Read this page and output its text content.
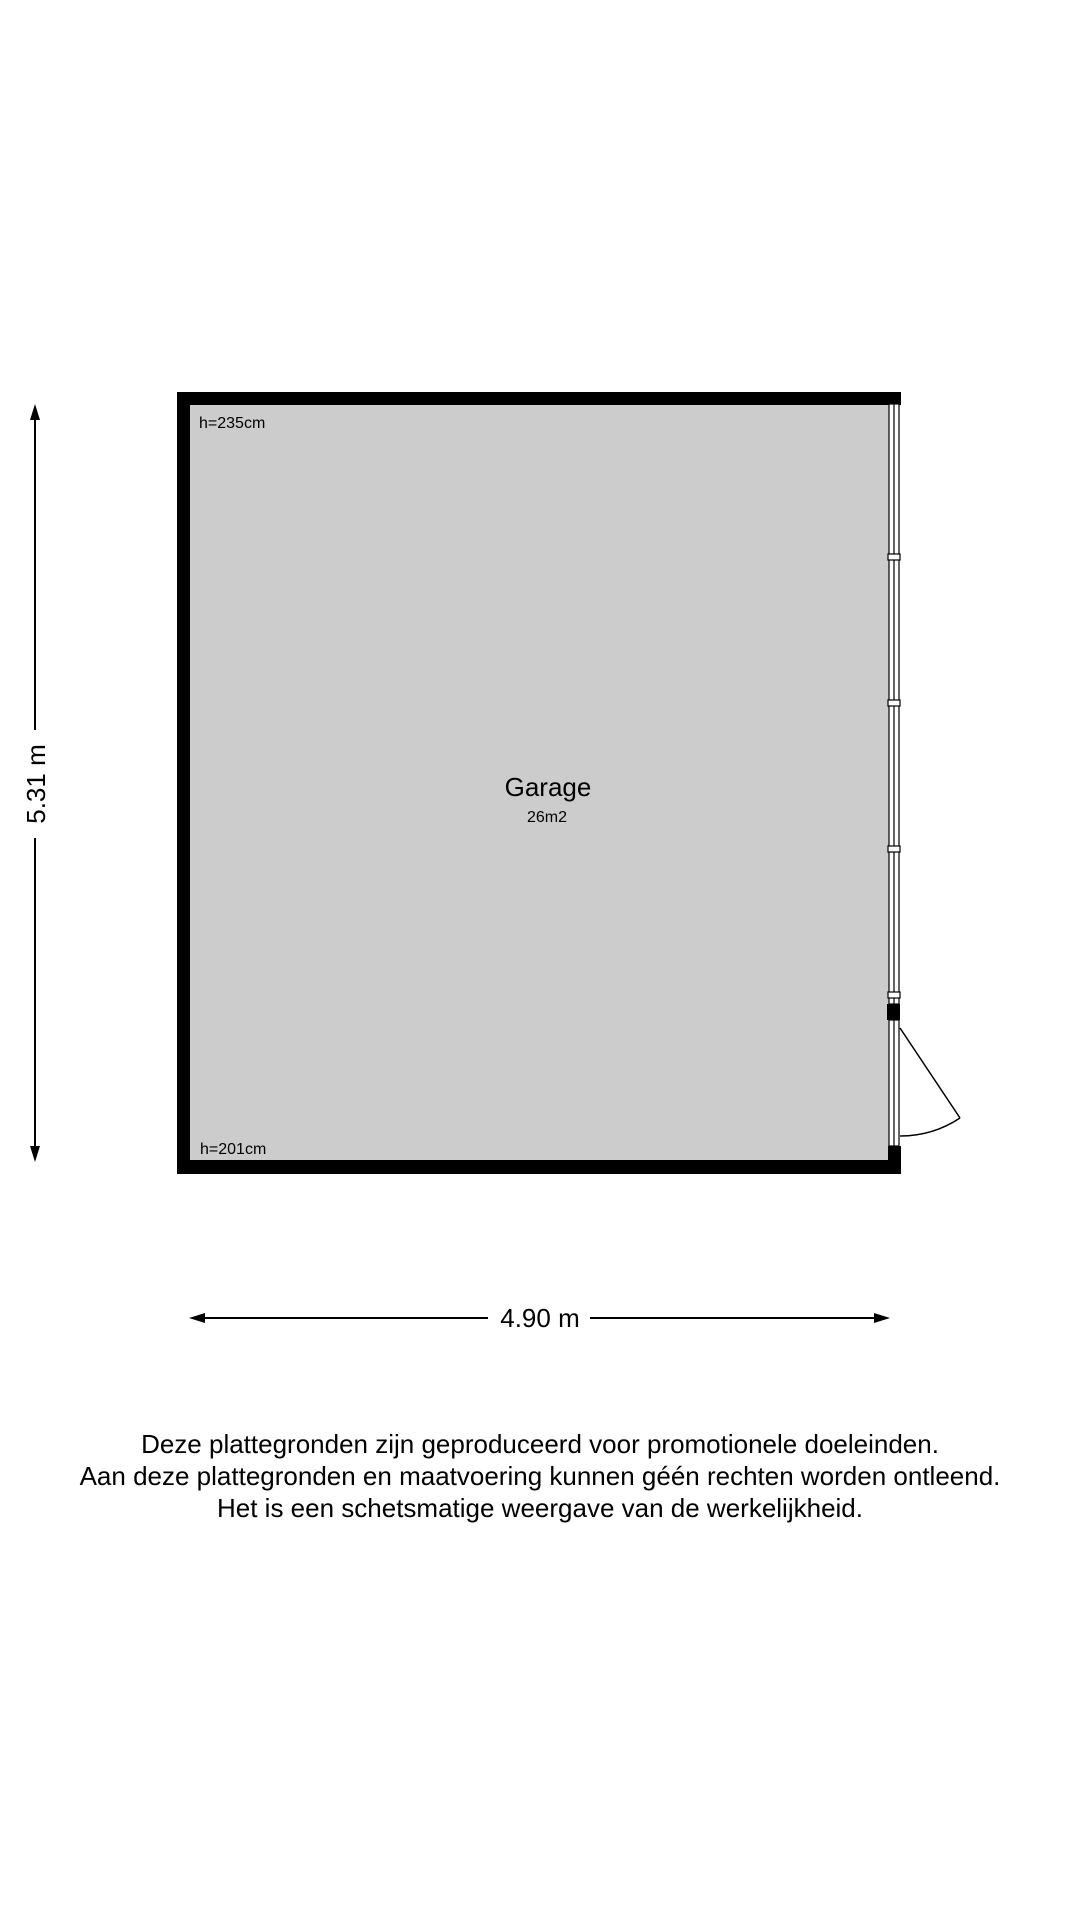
Garage
26m2
h=235cm
h=201cm
5.31 m
4.90 m
Deze plattegronden zijn geproduceerd voor promotionele doeleinden.
Aan deze plattegronden en maatvoering kunnen géén rechten worden ontleend.
Het is een schetsmatige weergave van de werkelijkheid.
